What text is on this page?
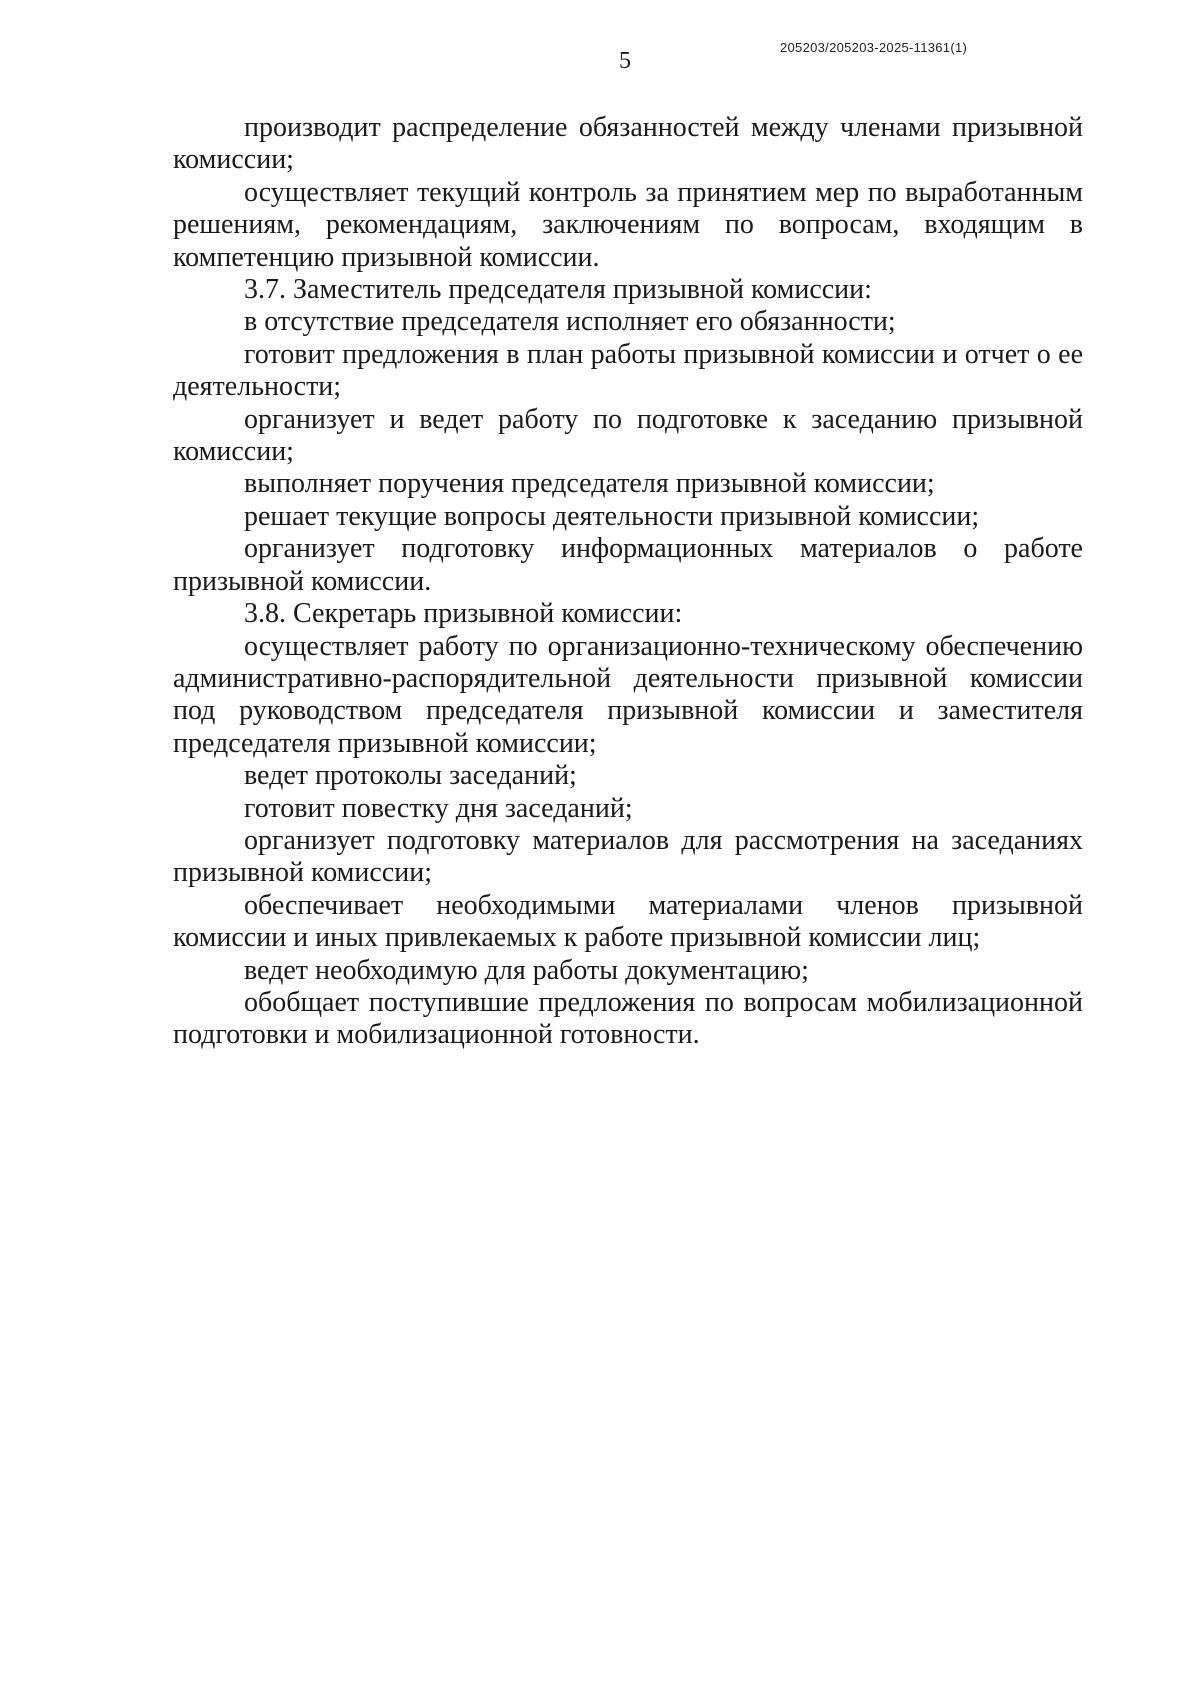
5
205203/205203-2025-11361(1)

производит распределение обязанностей между членами призывной комиссии;

осуществляет текущий контроль за принятием мер по выработанным решениям, рекомендациям, заключениям по вопросам, входящим в компетенцию призывной комиссии.

3.7. Заместитель председателя призывной комиссии:

в отсутствие председателя исполняет его обязанности;

готовит предложения в план работы призывной комиссии и отчет о ее деятельности;

организует и ведет работу по подготовке к заседанию призывной комиссии;

выполняет поручения председателя призывной комиссии;

решает текущие вопросы деятельности призывной комиссии;

организует подготовку информационных материалов о работе призывной комиссии.

3.8. Секретарь призывной комиссии:

осуществляет работу по организационно-техническому обеспечению административно-распорядительной деятельности призывной комиссии под руководством председателя призывной комиссии и заместителя председателя призывной комиссии;

ведет протоколы заседаний;

готовит повестку дня заседаний;

организует подготовку материалов для рассмотрения на заседаниях призывной комиссии;

обеспечивает необходимыми материалами членов призывной комиссии и иных привлекаемых к работе призывной комиссии лиц;

ведет необходимую для работы документацию;

обобщает поступившие предложения по вопросам мобилизационной подготовки и мобилизационной готовности.
